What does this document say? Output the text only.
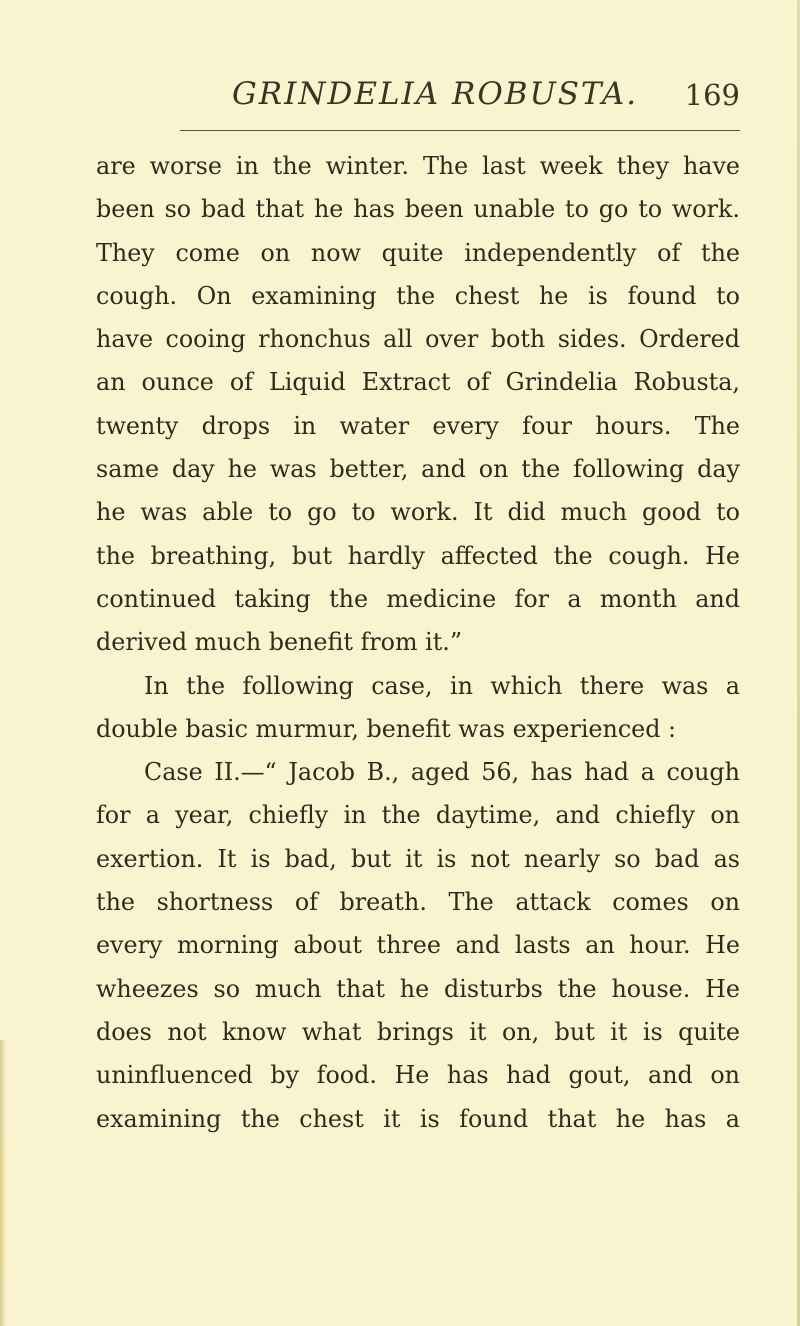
GRINDELIA ROBUSTA. 169
are worse in the winter. The last week they have
been so bad that he has been unable to go to work.
They come on now quite independently of the
cough. On examining the chest he is found to
have cooing rhonchus all over both sides. Ordered
an ounce of Liquid Extract of Grindelia Robusta,
twenty drops in water every four hours. The
same day he was better, and on the following day
he was able to go to work. It did much good to
the breathing, but hardly affected the cough. He
continued taking the medicine for a month and
derived much benefit from it.”
In the following case, in which there was a
double basic murmur, benefit was experienced :
Case II.—“ Jacob B., aged 56, has had a cough
for a year, chiefly in the daytime, and chiefly on
exertion. It is bad, but it is not nearly so bad as
the shortness of breath. The attack comes on
every morning about three and lasts an hour. He
wheezes so much that he disturbs the house. He
does not know what brings it on, but it is quite
uninfluenced by food. He has had gout, and on
examining the chest it is found that he has a
